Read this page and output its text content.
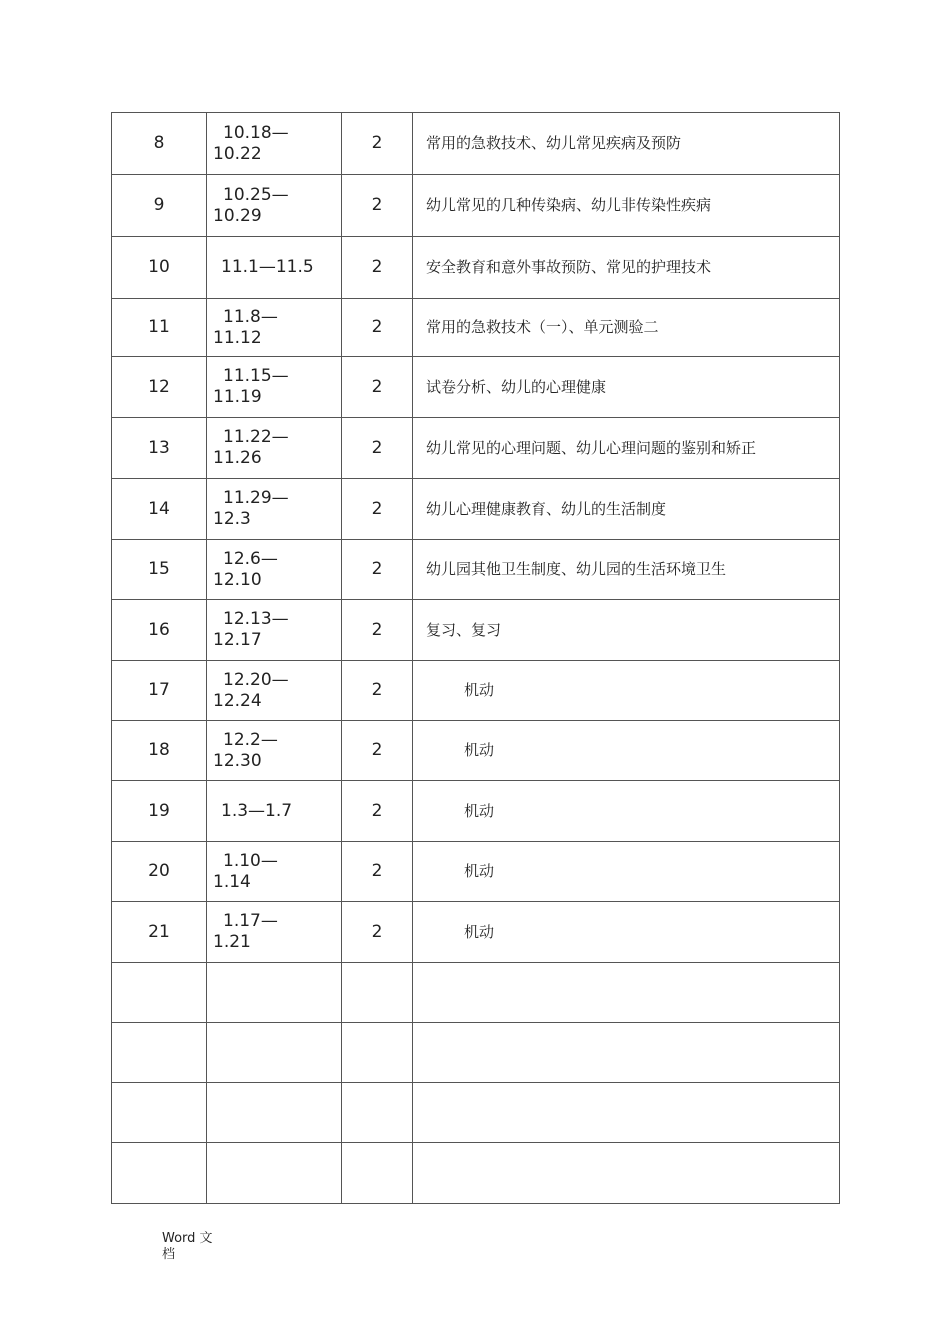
8	10.18—
10.22	2	常用的急救技术、幼儿常见疾病及预防
9	10.25—
10.29	2	幼儿常见的几种传染病、幼儿非传染性疾病
10	11.1—11.5	2	安全教育和意外事故预防、常见的护理技术
11	11.8—
11.12	2	常用的急救技术（一）、单元测验二
12	11.15—
11.19	2	试卷分析、幼儿的心理健康
13	11.22—
11.26	2	幼儿常见的心理问题、幼儿心理问题的鉴别和矫正
14	11.29—
12.3	2	幼儿心理健康教育、幼儿的生活制度
15	12.6—
12.10	2	幼儿园其他卫生制度、幼儿园的生活环境卫生
16	12.13—
12.17	2	复习、复习
17	12.20—
12.24	2	机动
18	12.2—
12.30	2	机动
19	1.3—1.7	2	机动
20	1.10—
1.14	2	机动
21	1.17—
1.21	2	机动

Word 文
档
